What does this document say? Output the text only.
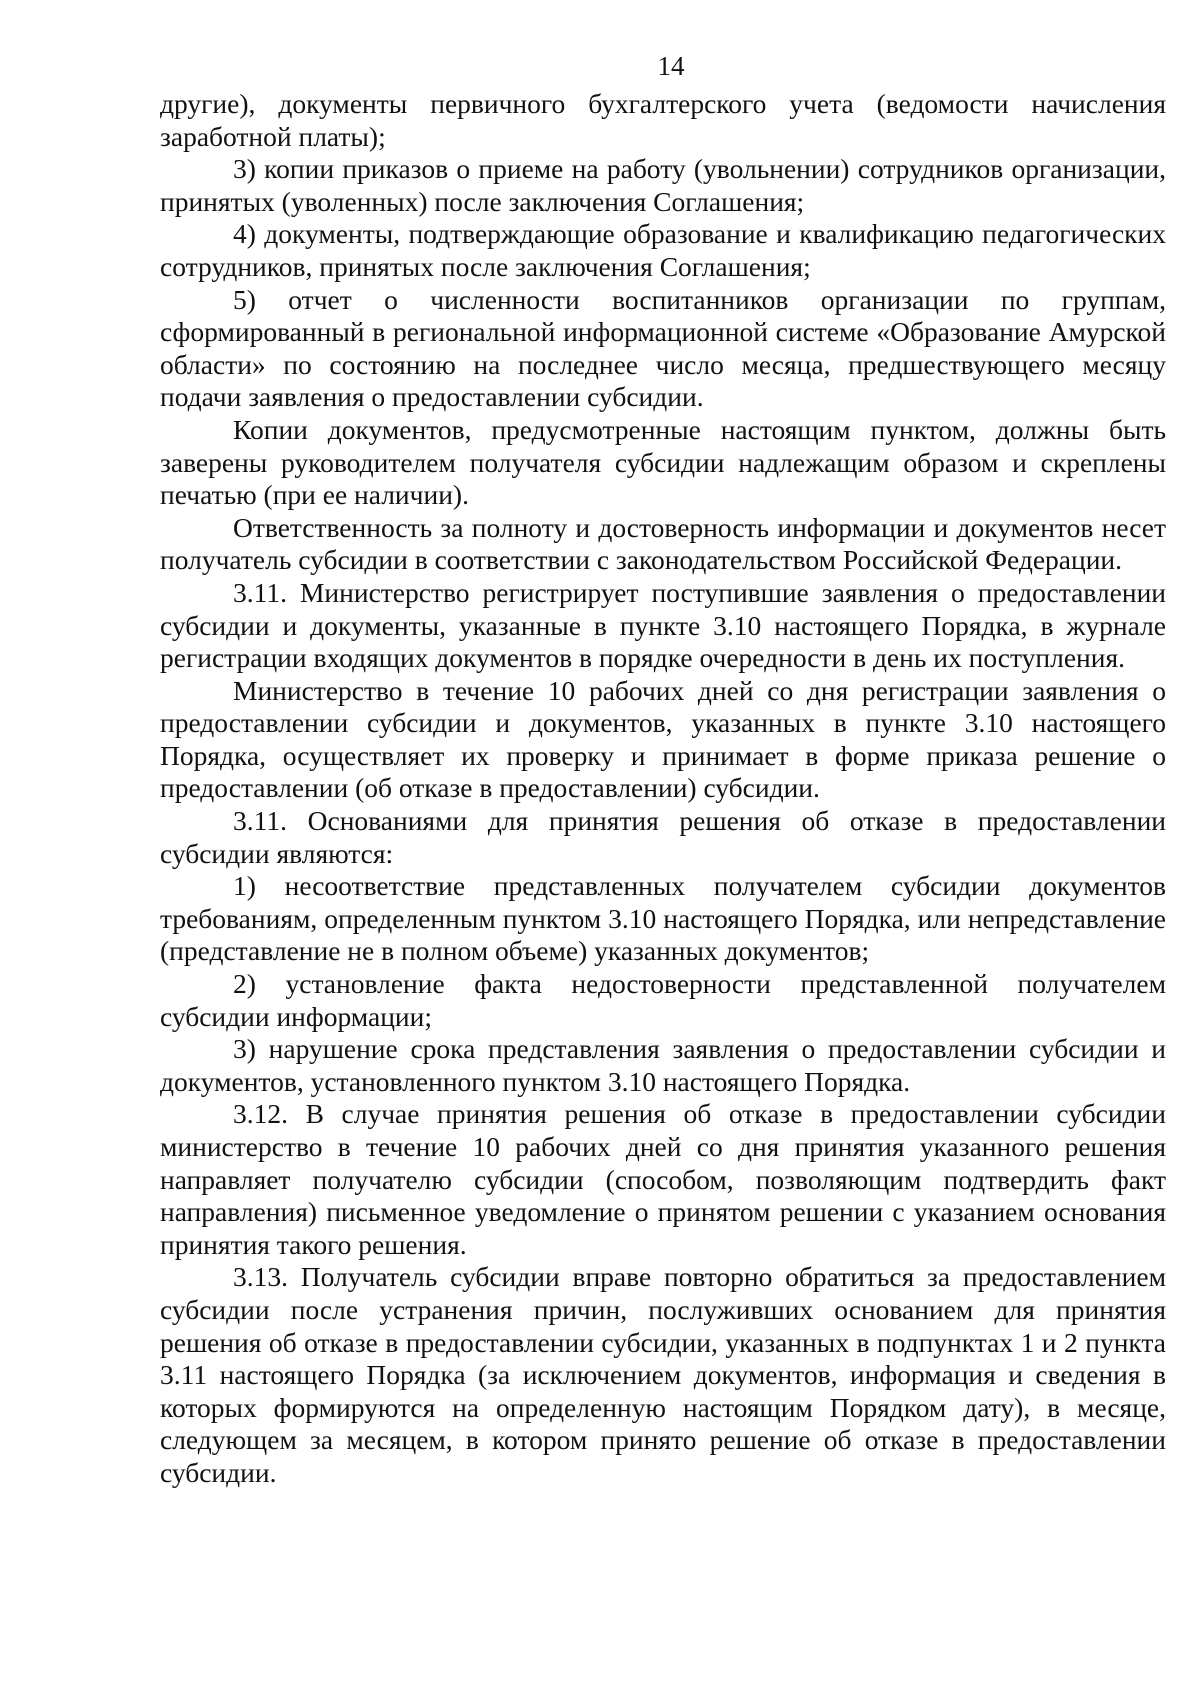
14

другие), документы первичного бухгалтерского учета (ведомости начисления заработной платы);

3) копии приказов о приеме на работу (увольнении) сотрудников организации, принятых (уволенных) после заключения Соглашения;

4) документы, подтверждающие образование и квалификацию педагогических сотрудников, принятых после заключения Соглашения;

5) отчет о численности воспитанников организации по группам, сформированный в региональной информационной системе «Образование Амурской области» по состоянию на последнее число месяца, предшествующего месяцу подачи заявления о предоставлении субсидии.

Копии документов, предусмотренные настоящим пунктом, должны быть заверены руководителем получателя субсидии надлежащим образом и скреплены печатью (при ее наличии).

Ответственность за полноту и достоверность информации и документов несет получатель субсидии в соответствии с законодательством Российской Федерации.

3.11. Министерство регистрирует поступившие заявления о предоставлении субсидии и документы, указанные в пункте 3.10 настоящего Порядка, в журнале регистрации входящих документов в порядке очередности в день их поступления.

Министерство в течение 10 рабочих дней со дня регистрации заявления о предоставлении субсидии и документов, указанных в пункте 3.10 настоящего Порядка, осуществляет их проверку и принимает в форме приказа решение о предоставлении (об отказе в предоставлении) субсидии.

3.11. Основаниями для принятия решения об отказе в предоставлении субсидии являются:

1) несоответствие представленных получателем субсидии документов требованиям, определенным пунктом 3.10 настоящего Порядка, или непредставление (представление не в полном объеме) указанных документов;

2) установление факта недостоверности представленной получателем субсидии информации;

3) нарушение срока представления заявления о предоставлении субсидии и документов, установленного пунктом 3.10 настоящего Порядка.

3.12. В случае принятия решения об отказе в предоставлении субсидии министерство в течение 10 рабочих дней со дня принятия указанного решения направляет получателю субсидии (способом, позволяющим подтвердить факт направления) письменное уведомление о принятом решении с указанием основания принятия такого решения.

3.13. Получатель субсидии вправе повторно обратиться за предоставлением субсидии после устранения причин, послуживших основанием для принятия решения об отказе в предоставлении субсидии, указанных в подпунктах 1 и 2 пункта 3.11 настоящего Порядка (за исключением документов, информация и сведения в которых формируются на определенную настоящим Порядком дату), в месяце, следующем за месяцем, в котором принято решение об отказе в предоставлении субсидии.
